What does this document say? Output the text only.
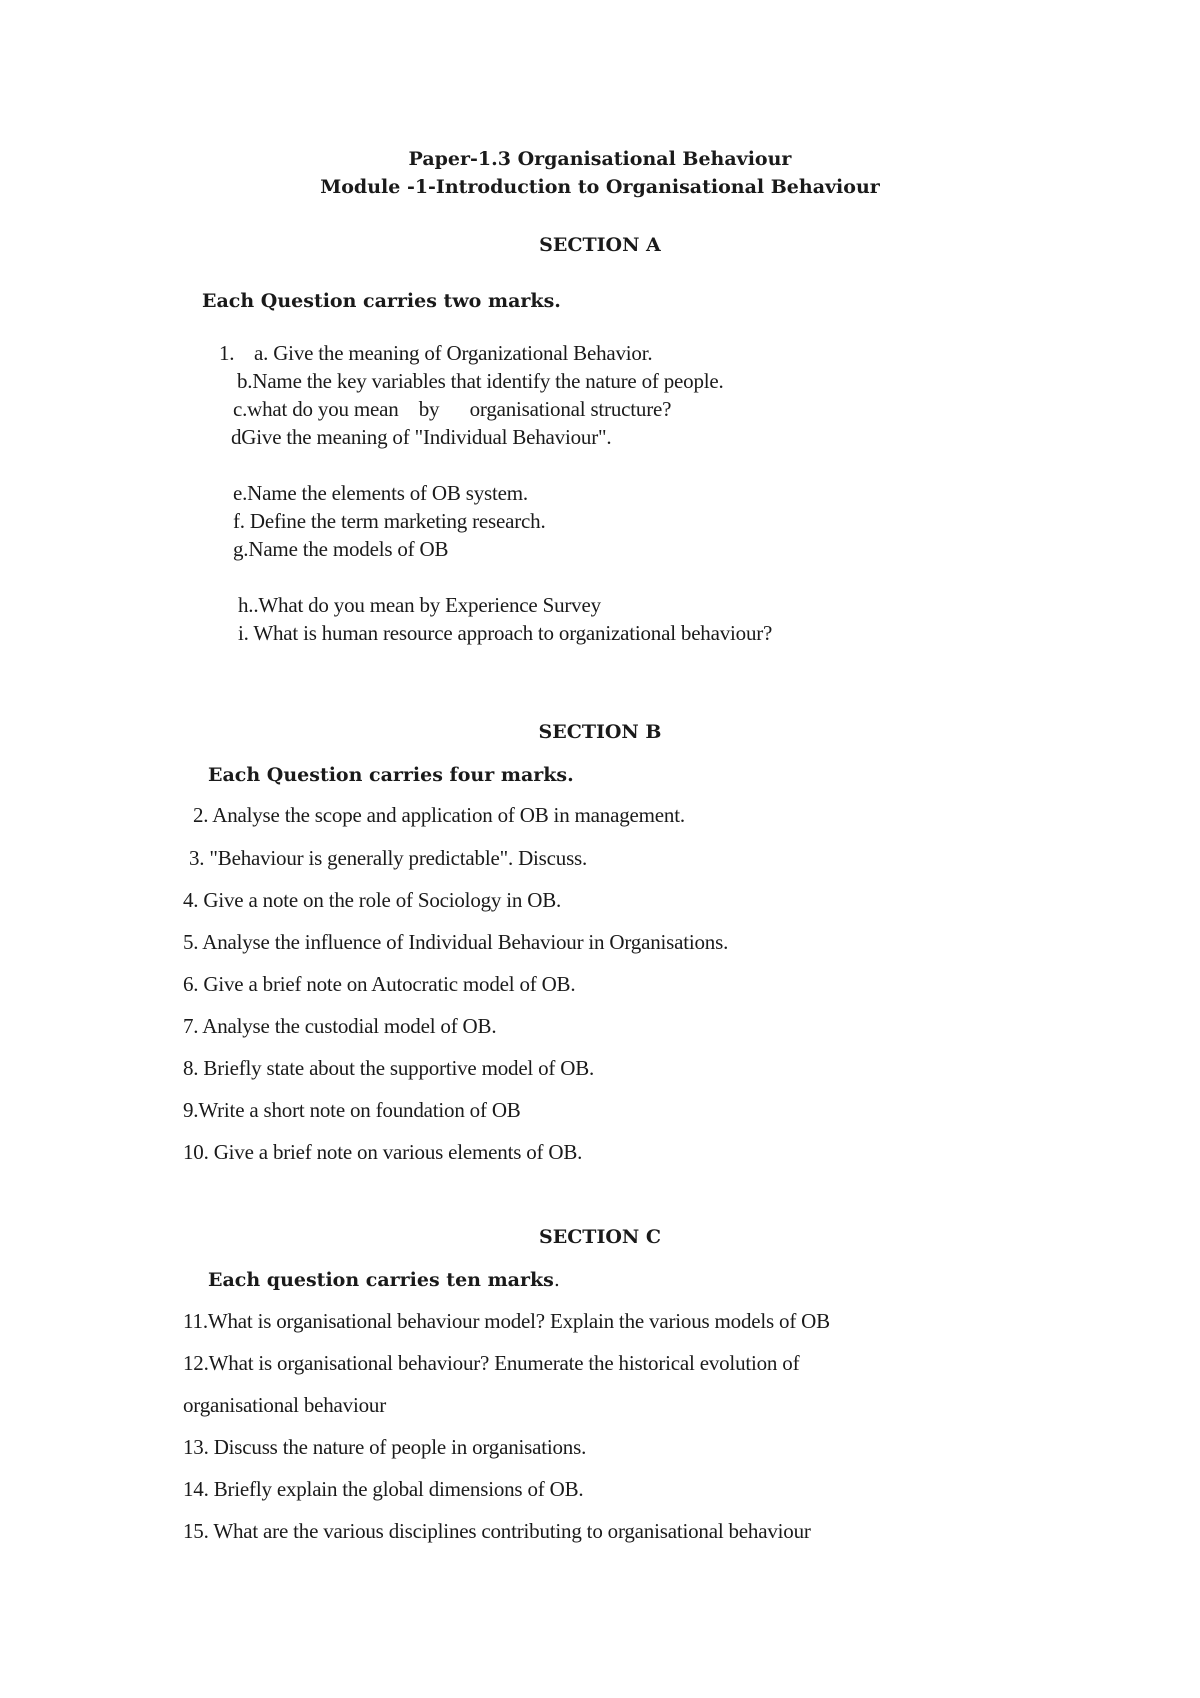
Paper-1.3 Organisational Behaviour
Module -1-Introduction to Organisational Behaviour
SECTION A
Each Question carries two marks.
1. a. Give the meaning of Organizational Behavior.
b.Name the key variables that identify the nature of people.
c.what do you mean    by      organisational structure?
dGive the meaning of "Individual Behaviour".
e.Name the elements of OB system.
f. Define the term marketing research.
g.Name the models of OB
h..What do you mean by Experience Survey
i. What is human resource approach to organizational behaviour?
SECTION B
Each Question carries four marks.
2. Analyse the scope and application of OB in management.
3. "Behaviour is generally predictable". Discuss.
4. Give a note on the role of Sociology in OB.
5. Analyse the influence of Individual Behaviour in Organisations.
6. Give a brief note on Autocratic model of OB.
7. Analyse the custodial model of OB.
8. Briefly state about the supportive model of OB.
9.Write a short note on foundation of OB
10. Give a brief note on various elements of OB.
SECTION C
Each question carries ten marks.
11.What is organisational behaviour model? Explain the various models of OB
12.What is organisational behaviour? Enumerate the historical evolution of
organisational behaviour
13. Discuss the nature of people in organisations.
14. Briefly explain the global dimensions of OB.
15. What are the various disciplines contributing to organisational behaviour
